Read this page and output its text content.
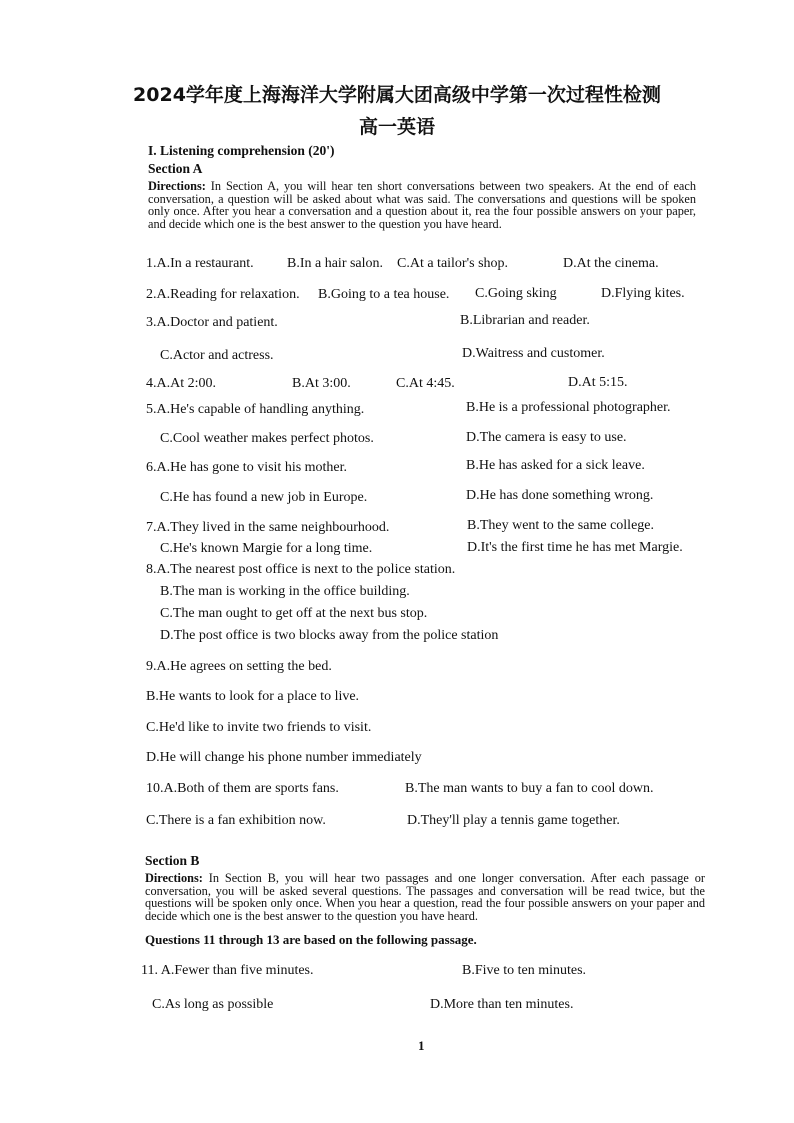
2024学年度上海海洋大学附属大团高级中学第一次过程性检测
高一英语
I. Listening comprehension (20')
Section A
Directions: In Section A, you will hear ten short conversations between two speakers. At the end of each conversation, a question will be asked about what was said. The conversations and questions will be spoken only once. After you hear a conversation and a question about it, rea the four possible answers on your paper, and decide which one is the best answer to the question you have heard.
1.A.In a restaurant. B.In a hair salon. C.At a tailor's shop.	D.At the cinema.
2.A.Reading for relaxation. B.Going to a tea house. C.Going sking	D.Flying kites.
3.A.Doctor and patient.	B.Librarian and reader.
C.Actor and actress.	D.Waitress and customer.
4.A.At 2:00.	B.At 3:00.	C.At 4:45.	D.At 5:15.
5.A.He's capable of handling anything.	B.He is a professional photographer.
C.Cool weather makes perfect photos.	D.The camera is easy to use.
6.A.He has gone to visit his mother.	B.He has asked for a sick leave.
C.He has found a new job in Europe.	D.He has done something wrong.
7.A.They lived in the same neighbourhood.	B.They went to the same college.
C.He's known Margie for a long time.	D.It's the first time he has met Margie.
8.A.The nearest post office is next to the police station.
B.The man is working in the office building.
C.The man ought to get off at the next bus stop.
D.The post office is two blocks away from the police station
9.A.He agrees on setting the bed.
B.He wants to look for a place to live.
C.He'd like to invite two friends to visit.
D.He will change his phone number immediately
10.A.Both of them are sports fans.	B.The man wants to buy a fan to cool down.
C.There is a fan exhibition now.	D.They'll play a tennis game together.
Section B
Directions: In Section B, you will hear two passages and one longer conversation. After each passage or conversation, you will be asked several questions. The passages and conversation will be read twice, but the questions will be spoken only once. When you hear a question, read the four possible answers on your paper and decide which one is the best answer to the question you have heard.
Questions 11 through 13 are based on the following passage.
11. A.Fewer than five minutes.	B.Five to ten minutes.
C.As long as possible	D.More than ten minutes.
1
